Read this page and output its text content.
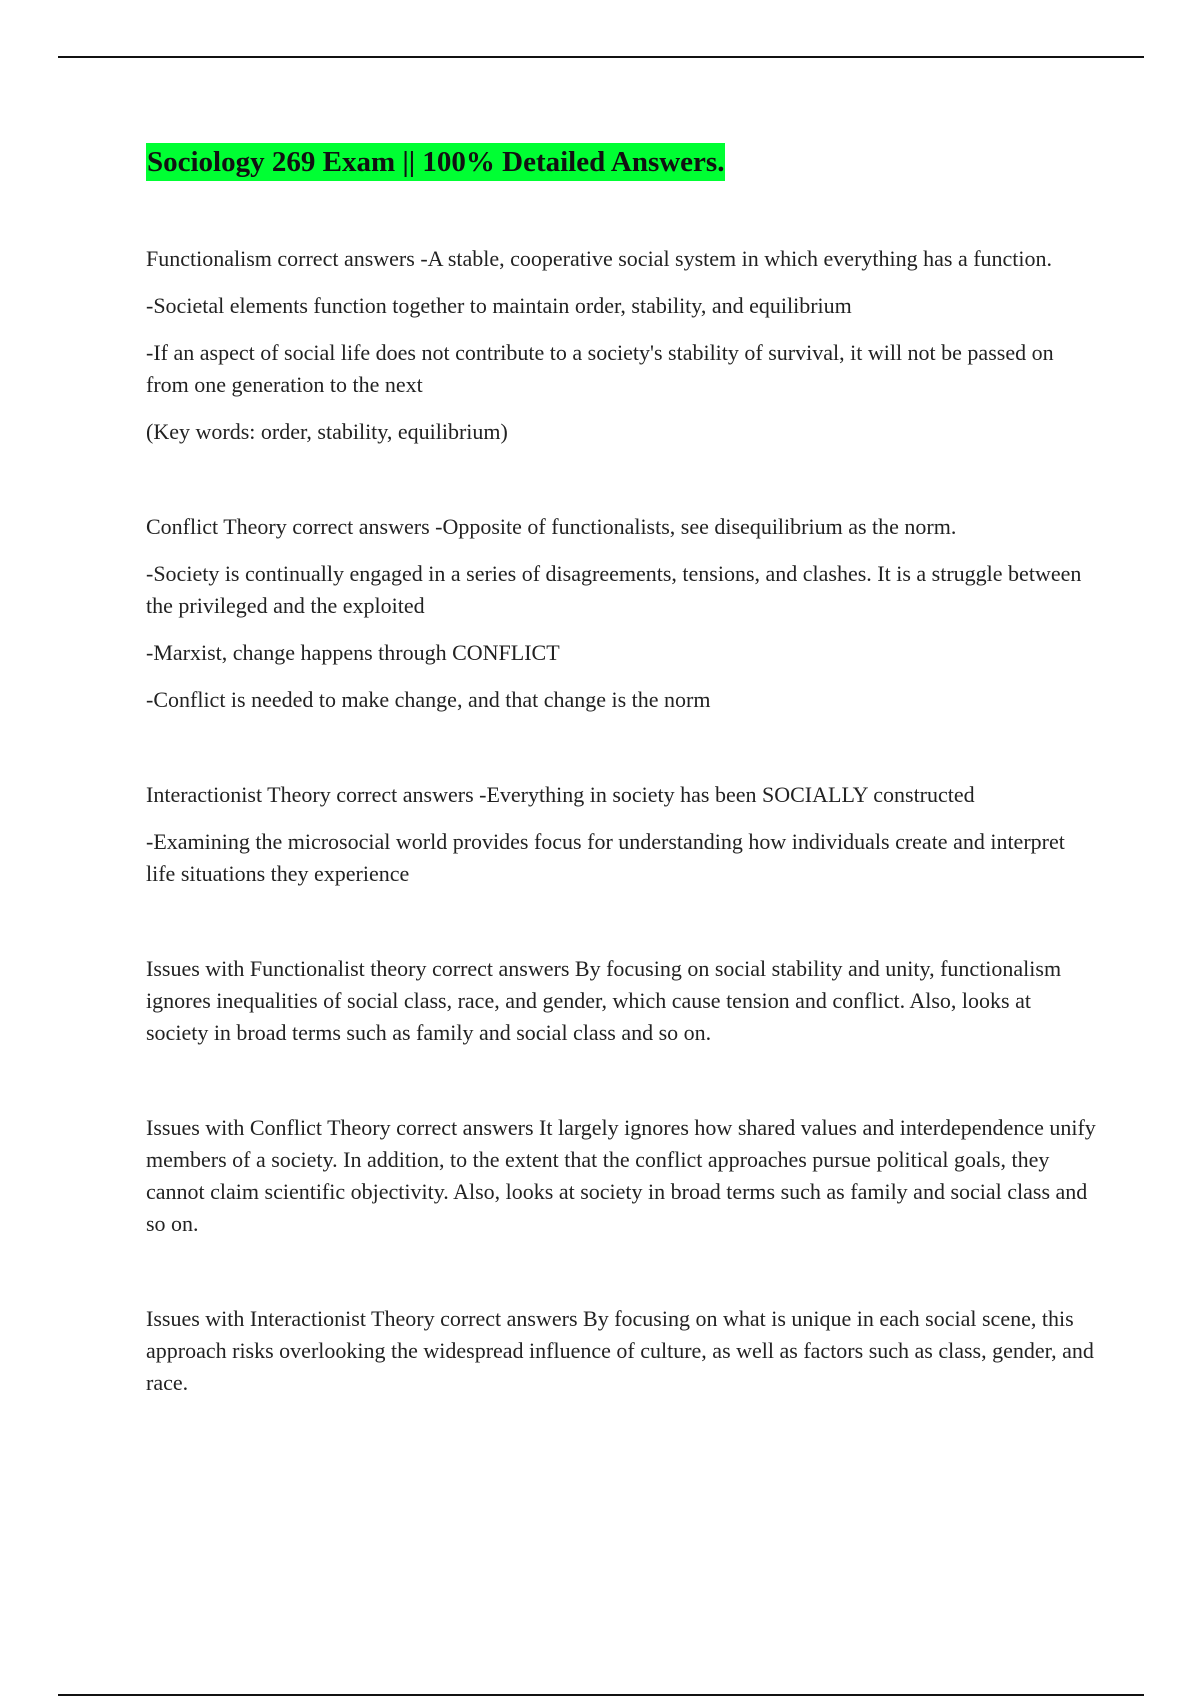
Sociology 269 Exam || 100% Detailed Answers.

Functionalism correct answers -A stable, cooperative social system in which everything has a function.

-Societal elements function together to maintain order, stability, and equilibrium

-If an aspect of social life does not contribute to a society's stability of survival, it will not be passed on from one generation to the next

(Key words: order, stability, equilibrium)

Conflict Theory correct answers -Opposite of functionalists, see disequilibrium as the norm.

-Society is continually engaged in a series of disagreements, tensions, and clashes. It is a struggle between the privileged and the exploited

-Marxist, change happens through CONFLICT

-Conflict is needed to make change, and that change is the norm

Interactionist Theory correct answers -Everything in society has been SOCIALLY constructed

-Examining the microsocial world provides focus for understanding how individuals create and interpret life situations they experience

Issues with Functionalist theory correct answers By focusing on social stability and unity, functionalism ignores inequalities of social class, race, and gender, which cause tension and conflict. Also, looks at society in broad terms such as family and social class and so on.

Issues with Conflict Theory correct answers It largely ignores how shared values and interdependence unify members of a society. In addition, to the extent that the conflict approaches pursue political goals, they cannot claim scientific objectivity. Also, looks at society in broad terms such as family and social class and so on.

Issues with Interactionist Theory correct answers By focusing on what is unique in each social scene, this approach risks overlooking the widespread influence of culture, as well as factors such as class, gender, and race.
